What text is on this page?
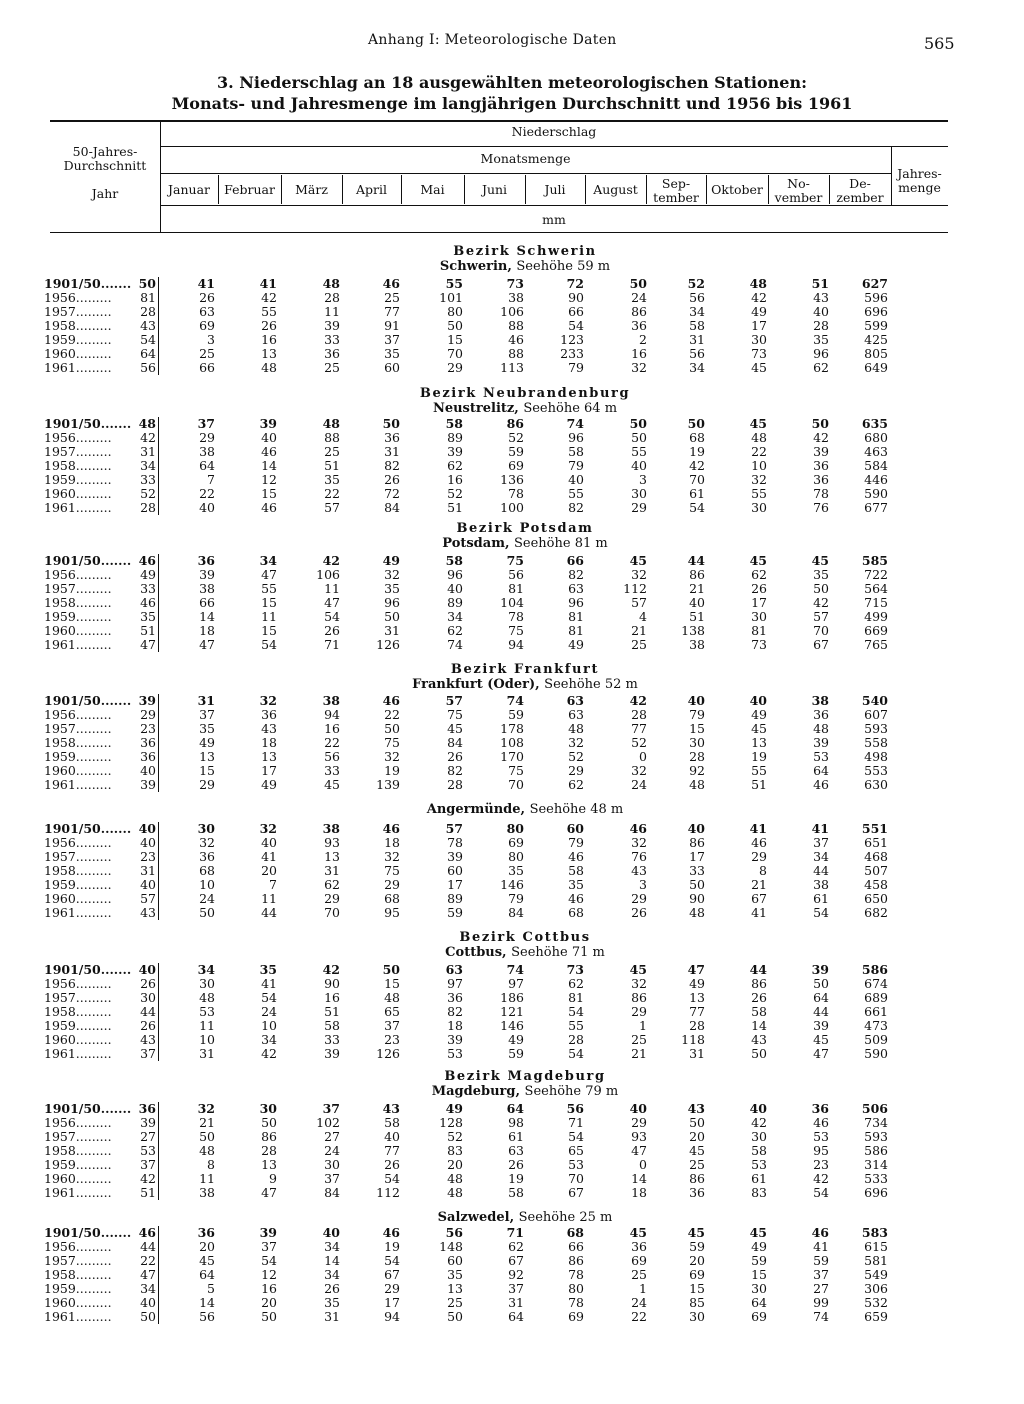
Anhang I: Meteorologische Daten	565
3. Niederschlag an 18 ausgewählten meteorologischen Stationen:
Monats- und Jahresmenge im langjährigen Durchschnitt und 1956 bis 1961
50-Jahres-
Durchschnitt
Jahr
Niederschlag
Monatsmenge
Jahres-
menge
mm
Januar	Februar	März	April	Mai	Juni	Juli	August	Sep-
tember
Oktober	No-
vember
De-
zember
Bezirk Schwerin
Schwerin, Seehöhe 59 m
1901/50....... 50	41	41	48	46	55	73	72	50	52	48	51	627
1956.........	81	26	42	28	25	101	38	90	24	56	42	43	596
1957.........	28	63	55	11	77	80	106	66	86	34	49	40	696
1958.........	43	69	26	39	91	50	88	54	36	58	17	28	599
1959.........	54	3	16	33	37	15	46	123	2	31	30	35	425
1960.........	64	25	13	36	35	70	88	233	16	56	73	96	805
1961.........	56	66	48	25	60	29	113	79	32	34	45	62	649
Bezirk Neubrandenburg
Neustrelitz, Seehöhe 64 m
1901/50....... 48	37	39	48	50	58	86	74	50	50	45	50	635
1956.........	42	29	40	88	36	89	52	96	50	68	48	42	680
1957.........	31	38	46	25	31	39	59	58	55	19	22	39	463
1958.........	34	64	14	51	82	62	69	79	40	42	10	36	584
1959.........	33	7	12	35	26	16	136	40	3	70	32	36	446
1960.........	52	22	15	22	72	52	78	55	30	61	55	78	590
1961.........	28	40	46	57	84	51	100	82	29	54	30	76	677
Bezirk Potsdam
Potsdam, Seehöhe 81 m
1901/50....... 46	36	34	42	49	58	75	66	45	44	45	45	585
1956.........	49	39	47	106	32	96	56	82	32	86	62	35	722
1957.........	33	38	55	11	35	40	81	63	112	21	26	50	564
1958.........	46	66	15	47	96	89	104	96	57	40	17	42	715
1959.........	35	14	11	54	50	34	78	81	4	51	30	57	499
1960.........	51	18	15	26	31	62	75	81	21	138	81	70	669
1961.........	47	47	54	71	126	74	94	49	25	38	73	67	765
Bezirk Frankfurt
Frankfurt (Oder), Seehöhe 52 m
1901/50....... 39	31	32	38	46	57	74	63	42	40	40	38	540
1956.........	29	37	36	94	22	75	59	63	28	79	49	36	607
1957.........	23	35	43	16	50	45	178	48	77	15	45	48	593
1958.........	36	49	18	22	75	84	108	32	52	30	13	39	558
1959.........	36	13	13	56	32	26	170	52	0	28	19	53	498
1960.........	40	15	17	33	19	82	75	29	32	92	55	64	553
1961.........	39	29	49	45	139	28	70	62	24	48	51	46	630
Angermünde, Seehöhe 48 m
1901/50....... 40	30	32	38	46	57	80	60	46	40	41	41	551
1956.........	40	32	40	93	18	78	69	79	32	86	46	37	651
1957.........	23	36	41	13	32	39	80	46	76	17	29	34	468
1958.........	31	68	20	31	75	60	35	58	43	33	8	44	507
1959.........	40	10	7	62	29	17	146	35	3	50	21	38	458
1960.........	57	24	11	29	68	89	79	46	29	90	67	61	650
1961.........	43	50	44	70	95	59	84	68	26	48	41	54	682
Bezirk Cottbus
Cottbus, Seehöhe 71 m
1901/50....... 40	34	35	42	50	63	74	73	45	47	44	39	586
1956.........	26	30	41	90	15	97	97	62	32	49	86	50	674
1957.........	30	48	54	16	48	36	186	81	86	13	26	64	689
1958.........	44	53	24	51	65	82	121	54	29	77	58	44	661
1959.........	26	11	10	58	37	18	146	55	1	28	14	39	473
1960.........	43	10	34	33	23	39	49	28	25	118	43	45	509
1961.........	37	31	42	39	126	53	59	54	21	31	50	47	590
Bezirk Magdeburg
Magdeburg, Seehöhe 79 m
1901/50....... 36	32	30	37	43	49	64	56	40	43	40	36	506
1956.........	39	21	50	102	58	128	98	71	29	50	42	46	734
1957.........	27	50	86	27	40	52	61	54	93	20	30	53	593
1958.........	53	48	28	24	77	83	63	65	47	45	58	95	586
1959.........	37	8	13	30	26	20	26	53	0	25	53	23	314
1960.........	42	11	9	37	54	48	19	70	14	86	61	42	533
1961.........	51	38	47	84	112	48	58	67	18	36	83	54	696
Salzwedel, Seehöhe 25 m
1901/50....... 46	36	39	40	46	56	71	68	45	45	45	46	583
1956.........	44	20	37	34	19	148	62	66	36	59	49	41	615
1957.........	22	45	54	14	54	60	67	86	69	20	59	59	581
1958.........	47	64	12	34	67	35	92	78	25	69	15	37	549
1959.........	34	5	16	26	29	13	37	80	1	15	30	27	306
1960.........	40	14	20	35	17	25	31	78	24	85	64	99	532
1961.........	50	56	50	31	94	50	64	69	22	30	69	74	659
